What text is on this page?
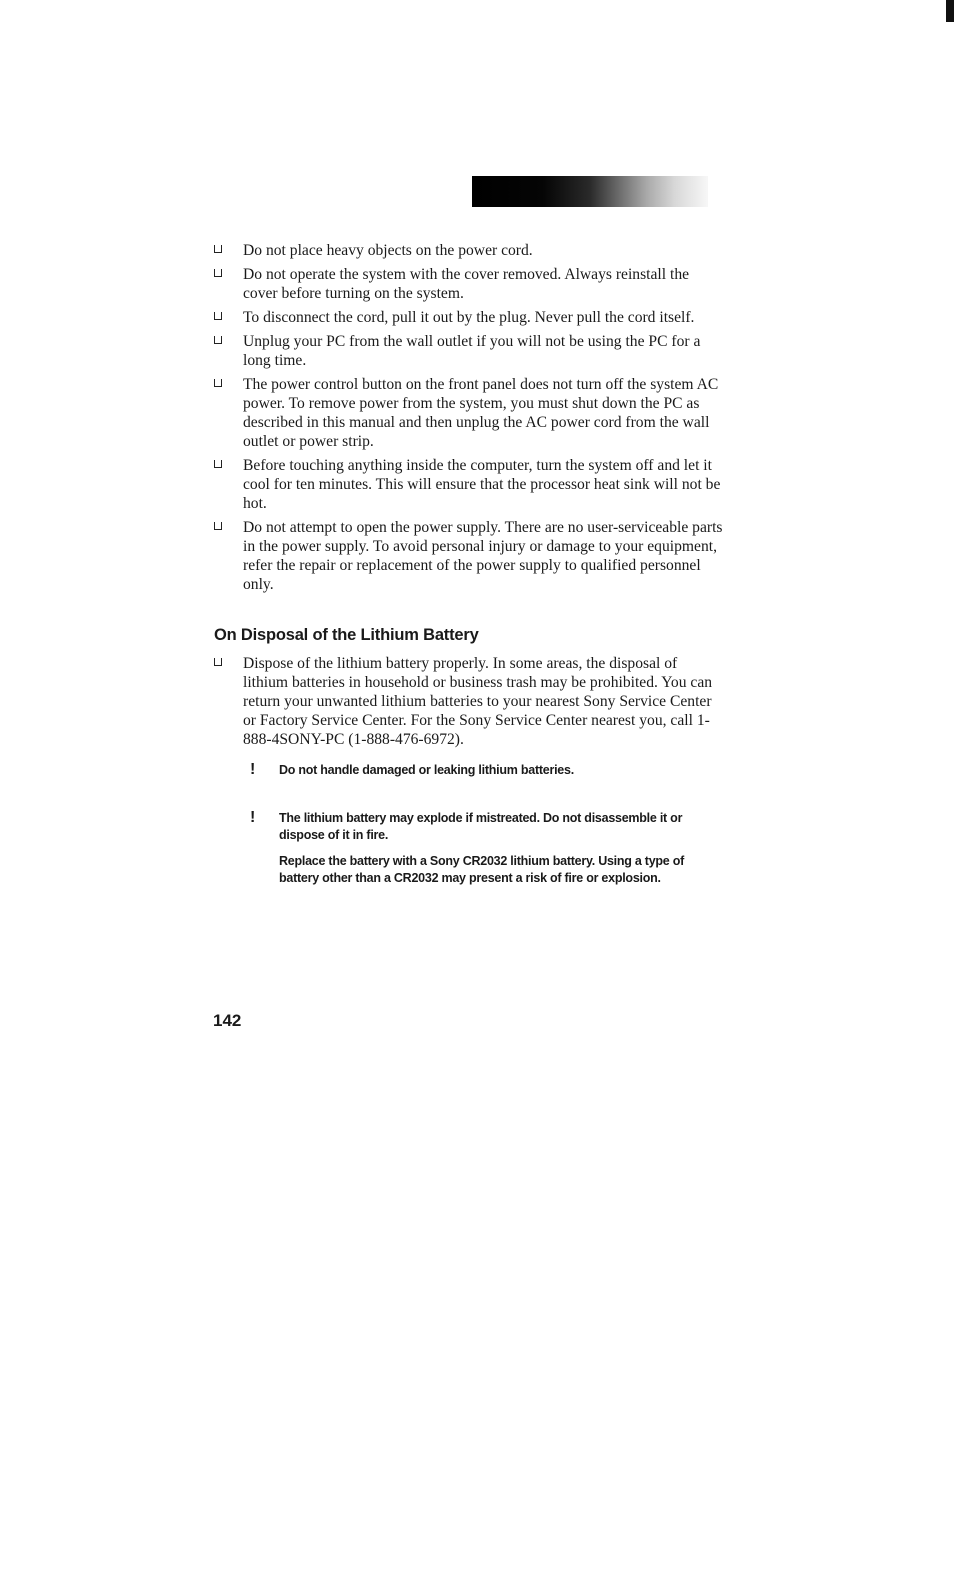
Do not place heavy objects on the power cord.
Do not operate the system with the cover removed. Always reinstall the cover before turning on the system.
To disconnect the cord, pull it out by the plug. Never pull the cord itself.
Unplug your PC from the wall outlet if you will not be using the PC for a long time.
The power control button on the front panel does not turn off the system AC power. To remove power from the system, you must shut down the PC as described in this manual and then unplug the AC power cord from the wall outlet or power strip.
Before touching anything inside the computer, turn the system off and let it cool for ten minutes. This will ensure that the processor heat sink will not be hot.
Do not attempt to open the power supply. There are no user-serviceable parts in the power supply. To avoid personal injury or damage to your equipment, refer the repair or replacement of the power supply to qualified personnel only.
On Disposal of the Lithium Battery
Dispose of the lithium battery properly. In some areas, the disposal of lithium batteries in household or business trash may be prohibited. You can return your unwanted lithium batteries to your nearest Sony Service Center or Factory Service Center. For the Sony Service Center nearest you, call 1-888-4SONY-PC (1-888-476-6972).
! Do not handle damaged or leaking lithium batteries.
! The lithium battery may explode if mistreated. Do not disassemble it or dispose of it in fire.
Replace the battery with a Sony CR2032 lithium battery. Using a type of battery other than a CR2032 may present a risk of fire or explosion.

142
